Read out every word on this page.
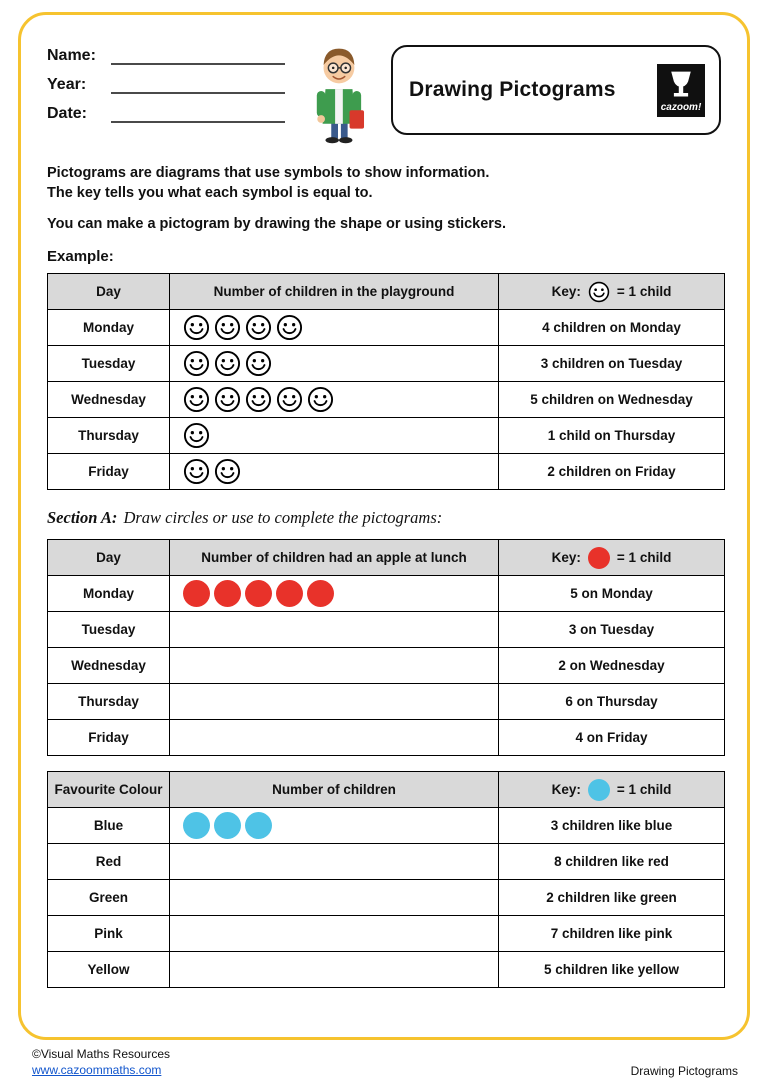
Name:
Year:
Date:
Drawing Pictograms
cazoom!

Pictograms are diagrams that use symbols to show information.

The key tells you what each symbol is equal to.

You can make a pictogram by drawing the shape or using stickers.

Example:
Day	Number of children in the playground	Key: = 1 child

Monday		4 children on Monday
Tuesday		3 children on Tuesday
Wednesday		5 children on Wednesday
Thursday		1 child on Thursday
Friday		2 children on Friday
Section A: Draw circles or use to complete the pictograms:
Day	Number of children had an apple at lunch	Key: = 1 child

Monday		5 on Monday
Tuesday		3 on Tuesday
Wednesday		2 on Wednesday
Thursday		6 on Thursday
Friday		4 on Friday
Favourite Colour	Number of children	Key: = 1 child

Blue		3 children like blue
Red		8 children like red
Green		2 children like green
Pink		7 children like pink
Yellow		5 children like yellow
©Visual Maths Resources
www.cazoommaths.com	Drawing Pictograms
